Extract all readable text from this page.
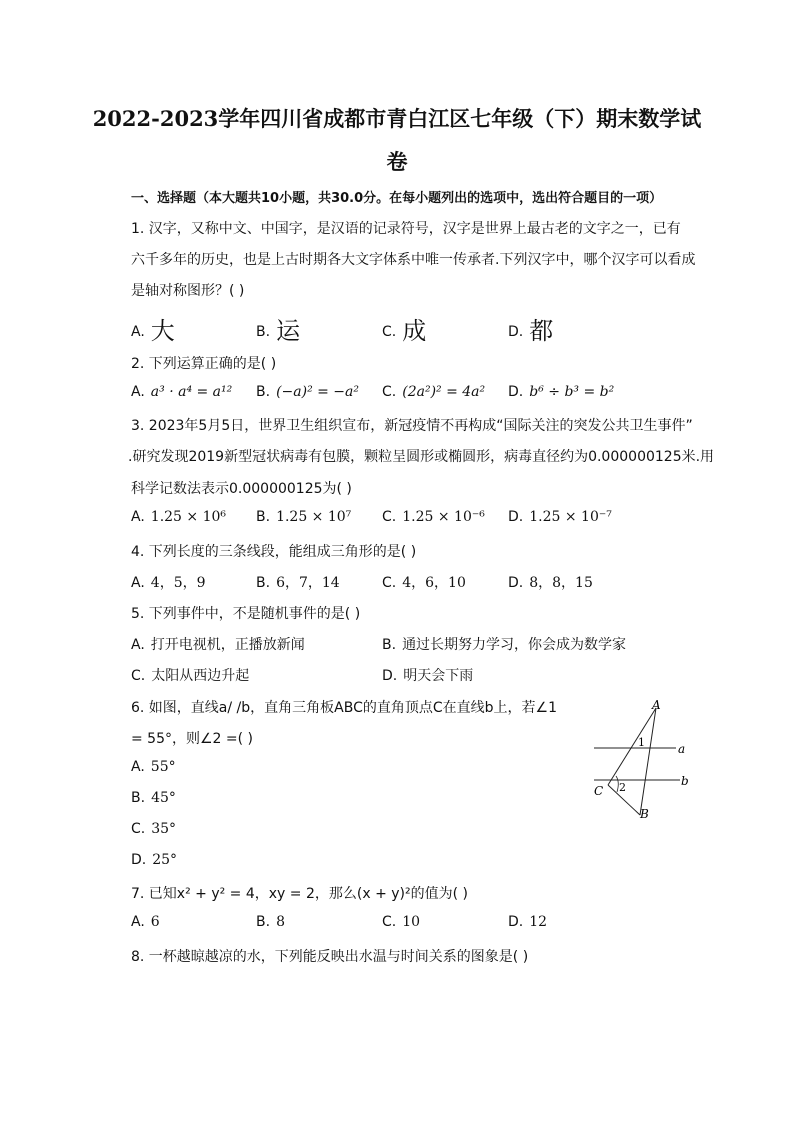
2022-2023学年四川省成都市青白江区七年级（下）期末数学试
卷
一、选择题（本大题共10小题，共30.0分。在每小题列出的选项中，选出符合题目的一项）
1. 汉字，又称中文、中国字，是汉语的记录符号，汉字是世界上最古老的文字之一，已有
六千多年的历史，也是上古时期各大文字体系中唯一传承者.下列汉字中，哪个汉字可以看成
是轴对称图形？( )
A. 大	B. 运	C. 成	D. 都
2. 下列运算正确的是( )
A. a³ · a⁴ = a¹² B. (−a)² = −a² C. (2a²)² = 4a² D. b⁶ ÷ b³ = b²
3. 2023年5月5日，世界卫生组织宣布，新冠疫情不再构成“国际关注的突发公共卫生事件”
.研究发现2019新型冠状病毒有包膜，颗粒呈圆形或椭圆形，病毒直径约为0.000000125米.用
科学记数法表示0.000000125为( )
A. 1.25 × 10⁶ B. 1.25 × 10⁷ C. 1.25 × 10⁻⁶ D. 1.25 × 10⁻⁷
4. 下列长度的三条线段，能组成三角形的是( )
A. 4，5，9	B. 6，7，14	C. 4，6，10	D. 8，8，15
5. 下列事件中，不是随机事件的是( )
A. 打开电视机，正播放新闻	B. 通过长期努力学习，你会成为数学家
C. 太阳从西边升起	D. 明天会下雨
6. 如图，直线a/ /b，直角三角板ABC的直角顶点C在直线b上，若∠1
= 55°，则∠2 =( )
A. 55°
B. 45°
C. 35°
D. 25°
A
1	a
b
C 2
B
7. 已知x² + y² = 4，xy = 2，那么(x + y)²的值为( )
A. 6	B. 8	C. 10	D. 12
8. 一杯越晾越凉的水，下列能反映出水温与时间关系的图象是( )
